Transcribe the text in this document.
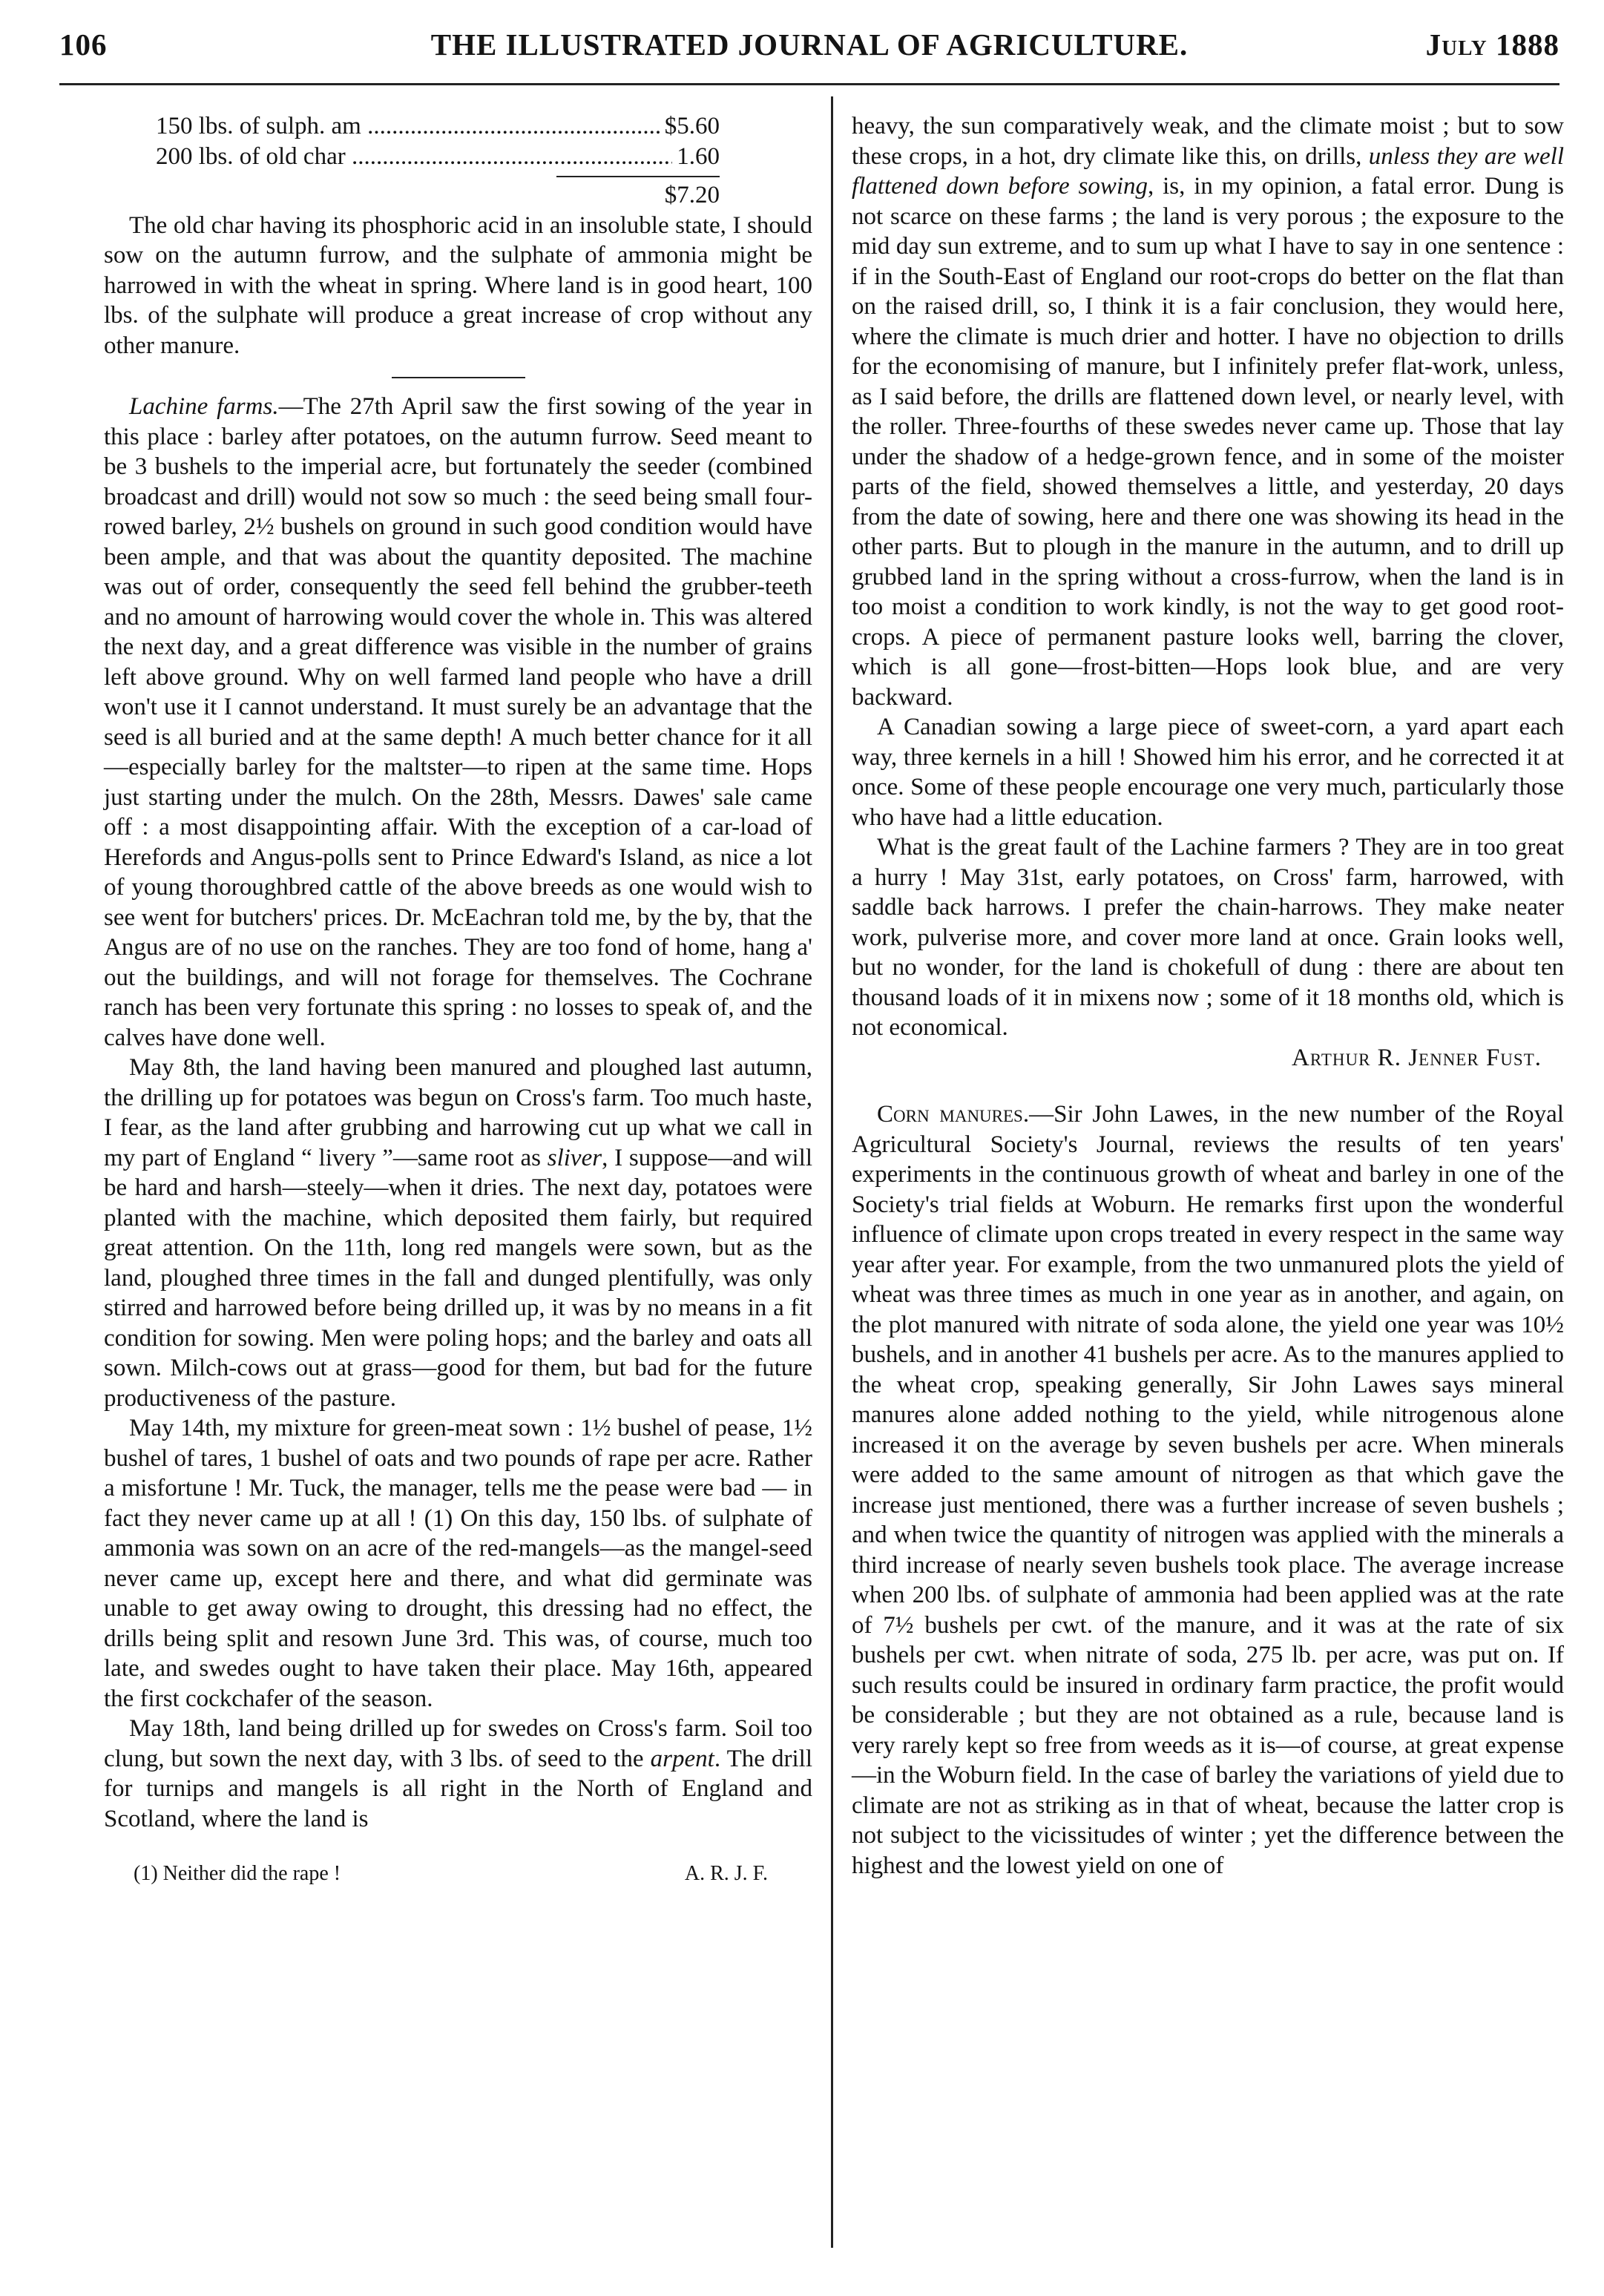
106	THE ILLUSTRATED JOURNAL OF AGRICULTURE.	July 1888
150 lbs. of sulph. am .....	$5.60
200 lbs. of old char .....	1.60
$7.20

The old char having its phosphoric acid in an insoluble state, I should sow on the autumn furrow, and the sulphate of ammonia might be harrowed in with the wheat in spring. Where land is in good heart, 100 lbs. of the sulphate will produce a great increase of crop without any other manure.

Lachine farms.—The 27th April saw the first sowing of the year in this place : barley after potatoes, on the autumn furrow. Seed meant to be 3 bushels to the imperial acre, but fortunately the seeder (combined broadcast and drill) would not sow so much : the seed being small four-rowed barley, 2½ bushels on ground in such good condition would have been ample, and that was about the quantity deposited. The machine was out of order, consequently the seed fell behind the grubber-teeth and no amount of harrowing would cover the whole in. This was altered the next day, and a great difference was visible in the number of grains left above ground. Why on well farmed land people who have a drill won't use it I cannot understand. It must surely be an advantage that the seed is all buried and at the same depth! A much better chance for it all—especially barley for the maltster—to ripen at the same time. Hops just starting under the mulch. On the 28th, Messrs. Dawes' sale came off : a most disappointing affair. With the exception of a car-load of Herefords and Angus-polls sent to Prince Edward's Island, as nice a lot of young thoroughbred cattle of the above breeds as one would wish to see went for butchers' prices. Dr. McEachran told me, by the by, that the Angus are of no use on the ranches. They are too fond of home, hang a' out the buildings, and will not forage for themselves. The Cochrane ranch has been very fortunate this spring : no losses to speak of, and the calves have done well.

May 8th, the land having been manured and ploughed last autumn, the drilling up for potatoes was begun on Cross's farm. Too much haste, I fear, as the land after grubbing and harrowing cut up what we call in my part of England “ livery ”—same root as sliver, I suppose—and will be hard and harsh—steely—when it dries. The next day, potatoes were planted with the machine, which deposited them fairly, but required great attention. On the 11th, long red mangels were sown, but as the land, ploughed three times in the fall and dunged plentifully, was only stirred and harrowed before being drilled up, it was by no means in a fit condition for sowing. Men were poling hops; and the barley and oats all sown. Milch-cows out at grass—good for them, but bad for the future productiveness of the pasture.

May 14th, my mixture for green-meat sown : 1½ bushel of pease, 1½ bushel of tares, 1 bushel of oats and two pounds of rape per acre. Rather a misfortune ! Mr. Tuck, the manager, tells me the pease were bad — in fact they never came up at all ! (1) On this day, 150 lbs. of sulphate of ammonia was sown on an acre of the red-mangels—as the mangel-seed never came up, except here and there, and what did germinate was unable to get away owing to drought, this dressing had no effect, the drills being split and resown June 3rd. This was, of course, much too late, and swedes ought to have taken their place. May 16th, appeared the first cockchafer of the season.

May 18th, land being drilled up for swedes on Cross's farm. Soil too clung, but sown the next day, with 3 lbs. of seed to the arpent. The drill for turnips and mangels is all right in the North of England and Scotland, where the land is

(1) Neither did the rape !	A. R. J. F.

heavy, the sun comparatively weak, and the climate moist ; but to sow these crops, in a hot, dry climate like this, on drills, unless they are well flattened down before sowing, is, in my opinion, a fatal error. Dung is not scarce on these farms ; the land is very porous ; the exposure to the mid day sun extreme, and to sum up what I have to say in one sentence : if in the South-East of England our root-crops do better on the flat than on the raised drill, so, I think it is a fair conclusion, they would here, where the climate is much drier and hotter. I have no objection to drills for the economising of manure, but I infinitely prefer flat-work, unless, as I said before, the drills are flattened down level, or nearly level, with the roller. Three-fourths of these swedes never came up. Those that lay under the shadow of a hedge-grown fence, and in some of the moister parts of the field, showed themselves a little, and yesterday, 20 days from the date of sowing, here and there one was showing its head in the other parts. But to plough in the manure in the autumn, and to drill up grubbed land in the spring without a cross-furrow, when the land is in too moist a condition to work kindly, is not the way to get good root-crops. A piece of permanent pasture looks well, barring the clover, which is all gone—frost-bitten—Hops look blue, and are very backward.

A Canadian sowing a large piece of sweet-corn, a yard apart each way, three kernels in a hill ! Showed him his error, and he corrected it at once. Some of these people encourage one very much, particularly those who have had a little education.

What is the great fault of the Lachine farmers ? They are in too great a hurry ! May 31st, early potatoes, on Cross' farm, harrowed, with saddle back harrows. I prefer the chain-harrows. They make neater work, pulverise more, and cover more land at once. Grain looks well, but no wonder, for the land is chokefull of dung : there are about ten thousand loads of it in mixens now ; some of it 18 months old, which is not economical.

Arthur R. Jenner Fust.

Corn manures.—Sir John Lawes, in the new number of the Royal Agricultural Society's Journal, reviews the results of ten years' experiments in the continuous growth of wheat and barley in one of the Society's trial fields at Woburn. He remarks first upon the wonderful influence of climate upon crops treated in every respect in the same way year after year. For example, from the two unmanured plots the yield of wheat was three times as much in one year as in another, and again, on the plot manured with nitrate of soda alone, the yield one year was 10½ bushels, and in another 41 bushels per acre. As to the manures applied to the wheat crop, speaking generally, Sir John Lawes says mineral manures alone added nothing to the yield, while nitrogenous alone increased it on the average by seven bushels per acre. When minerals were added to the same amount of nitrogen as that which gave the increase just mentioned, there was a further increase of seven bushels ; and when twice the quantity of nitrogen was applied with the minerals a third increase of nearly seven bushels took place. The average increase when 200 lbs. of sulphate of ammonia had been applied was at the rate of 7½ bushels per cwt. of the manure, and it was at the rate of six bushels per cwt. when nitrate of soda, 275 lb. per acre, was put on. If such results could be insured in ordinary farm practice, the profit would be considerable ; but they are not obtained as a rule, because land is very rarely kept so free from weeds as it is—of course, at great expense—in the Woburn field. In the case of barley the variations of yield due to climate are not as striking as in that of wheat, because the latter crop is not subject to the vicissitudes of winter ; yet the difference between the highest and the lowest yield on one of
